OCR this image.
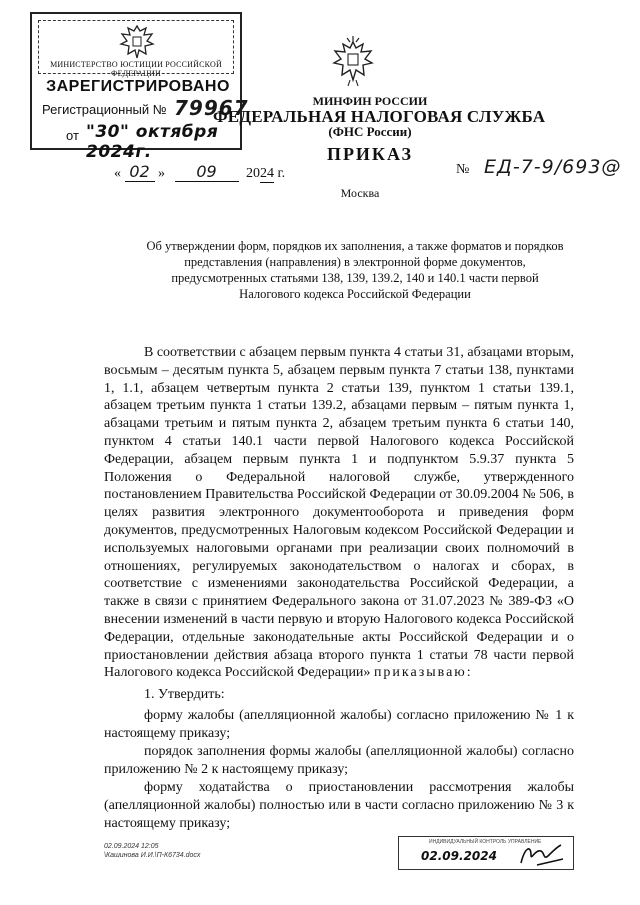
МИНИСТЕРСТВО ЮСТИЦИИ РОССИЙСКОЙ ФЕДЕРАЦИИ
ЗАРЕГИСТРИРОВАНО
Регистрационный № 79967
от "30" октября 2024г.
МИНФИН РОССИИ
ФЕДЕРАЛЬНАЯ НАЛОГОВАЯ СЛУЖБА
(ФНС России)
ПРИКАЗ
« 02 » 09 2024 г.	№ ЕД-7-9/693@
Москва
Об утверждении форм, порядков их заполнения, а также форматов и порядков представления (направления) в электронной форме документов, предусмотренных статьями 138, 139, 139.2, 140 и 140.1 части первой Налогового кодекса Российской Федерации
В соответствии с абзацем первым пункта 4 статьи 31, абзацами вторым, восьмым – десятым пункта 5, абзацем первым пункта 7 статьи 138, пунктами 1, 1.1, абзацем четвертым пункта 2 статьи 139, пунктом 1 статьи 139.1, абзацем третьим пункта 1 статьи 139.2, абзацами первым – пятым пункта 1, абзацами третьим и пятым пункта 2, абзацем третьим пункта 6 статьи 140, пунктом 4 статьи 140.1 части первой Налогового кодекса Российской Федерации, абзацем первым пункта 1 и подпунктом 5.9.37 пункта 5 Положения о Федеральной налоговой службе, утвержденного постановлением Правительства Российской Федерации от 30.09.2004 № 506, в целях развития электронного документооборота и приведения форм документов, предусмотренных Налоговым кодексом Российской Федерации и используемых налоговыми органами при реализации своих полномочий в отношениях, регулируемых законодательством о налогах и сборах, в соответствие с изменениями законодательства Российской Федерации, а также в связи с принятием Федерального закона от 31.07.2023 № 389-ФЗ «О внесении изменений в части первую и вторую Налогового кодекса Российской Федерации, отдельные законодательные акты Российской Федерации и о приостановлении действия абзаца второго пункта 1 статьи 78 части первой Налогового кодекса Российской Федерации» приказываю:
1. Утвердить:
форму жалобы (апелляционной жалобы) согласно приложению № 1 к настоящему приказу;
порядок заполнения формы жалобы (апелляционной жалобы) согласно приложению № 2 к настоящему приказу;
форму ходатайства о приостановлении рассмотрения жалобы (апелляционной жалобы) полностью или в части согласно приложению № 3 к настоящему приказу;
02.09.2024 12:05
\Кашинова И.И.\П-К6734.docx
ИНДИВИДУАЛЬНЫЙ КОНТРОЛЬ УПРАВЛЕНИЕ
02.09.2024
